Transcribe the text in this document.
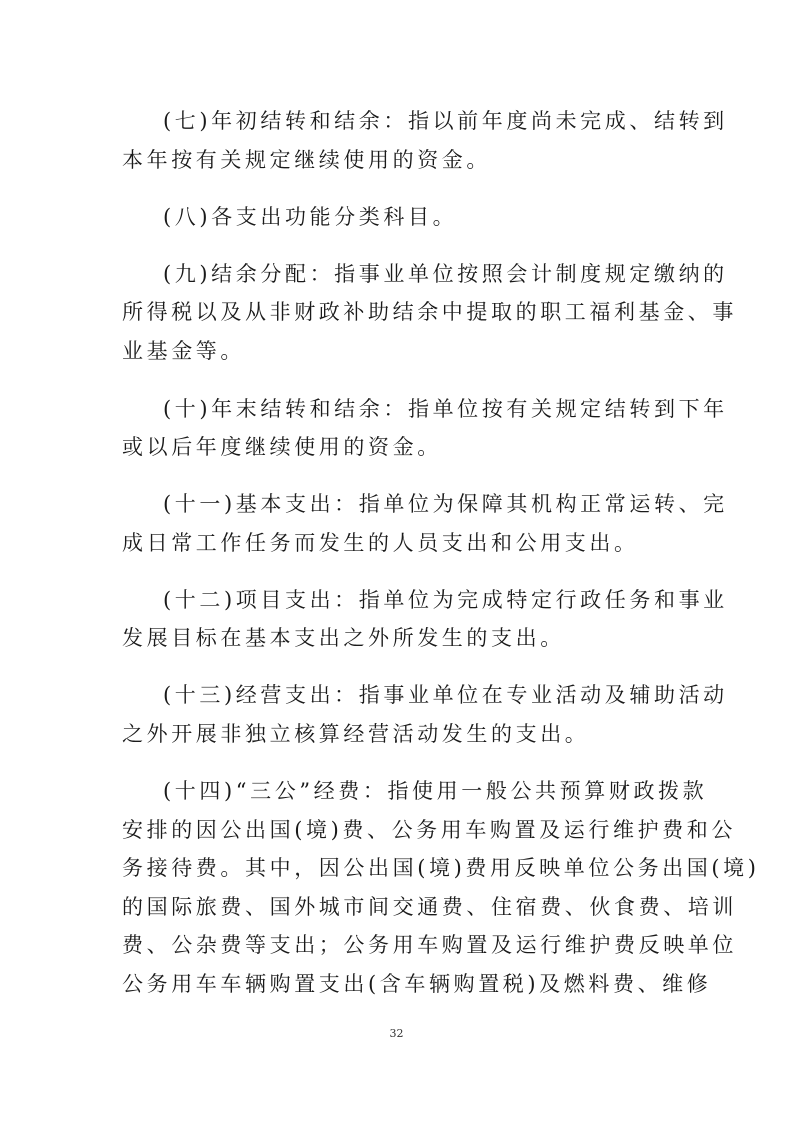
(七)年初结转和结余：指以前年度尚未完成、结转到
本年按有关规定继续使用的资金。
(八)各支出功能分类科目。
(九)结余分配：指事业单位按照会计制度规定缴纳的
所得税以及从非财政补助结余中提取的职工福利基金、事
业基金等。
(十)年末结转和结余：指单位按有关规定结转到下年
或以后年度继续使用的资金。
(十一)基本支出：指单位为保障其机构正常运转、完
成日常工作任务而发生的人员支出和公用支出。
(十二)项目支出：指单位为完成特定行政任务和事业
发展目标在基本支出之外所发生的支出。
(十三)经营支出：指事业单位在专业活动及辅助活动
之外开展非独立核算经营活动发生的支出。
(十四)“三公”经费：指使用一般公共预算财政拨款
安排的因公出国(境)费、公务用车购置及运行维护费和公
务接待费。其中，因公出国(境)费用反映单位公务出国(境)
的国际旅费、国外城市间交通费、住宿费、伙食费、培训
费、公杂费等支出；公务用车购置及运行维护费反映单位
公务用车车辆购置支出(含车辆购置税)及燃料费、维修
32
